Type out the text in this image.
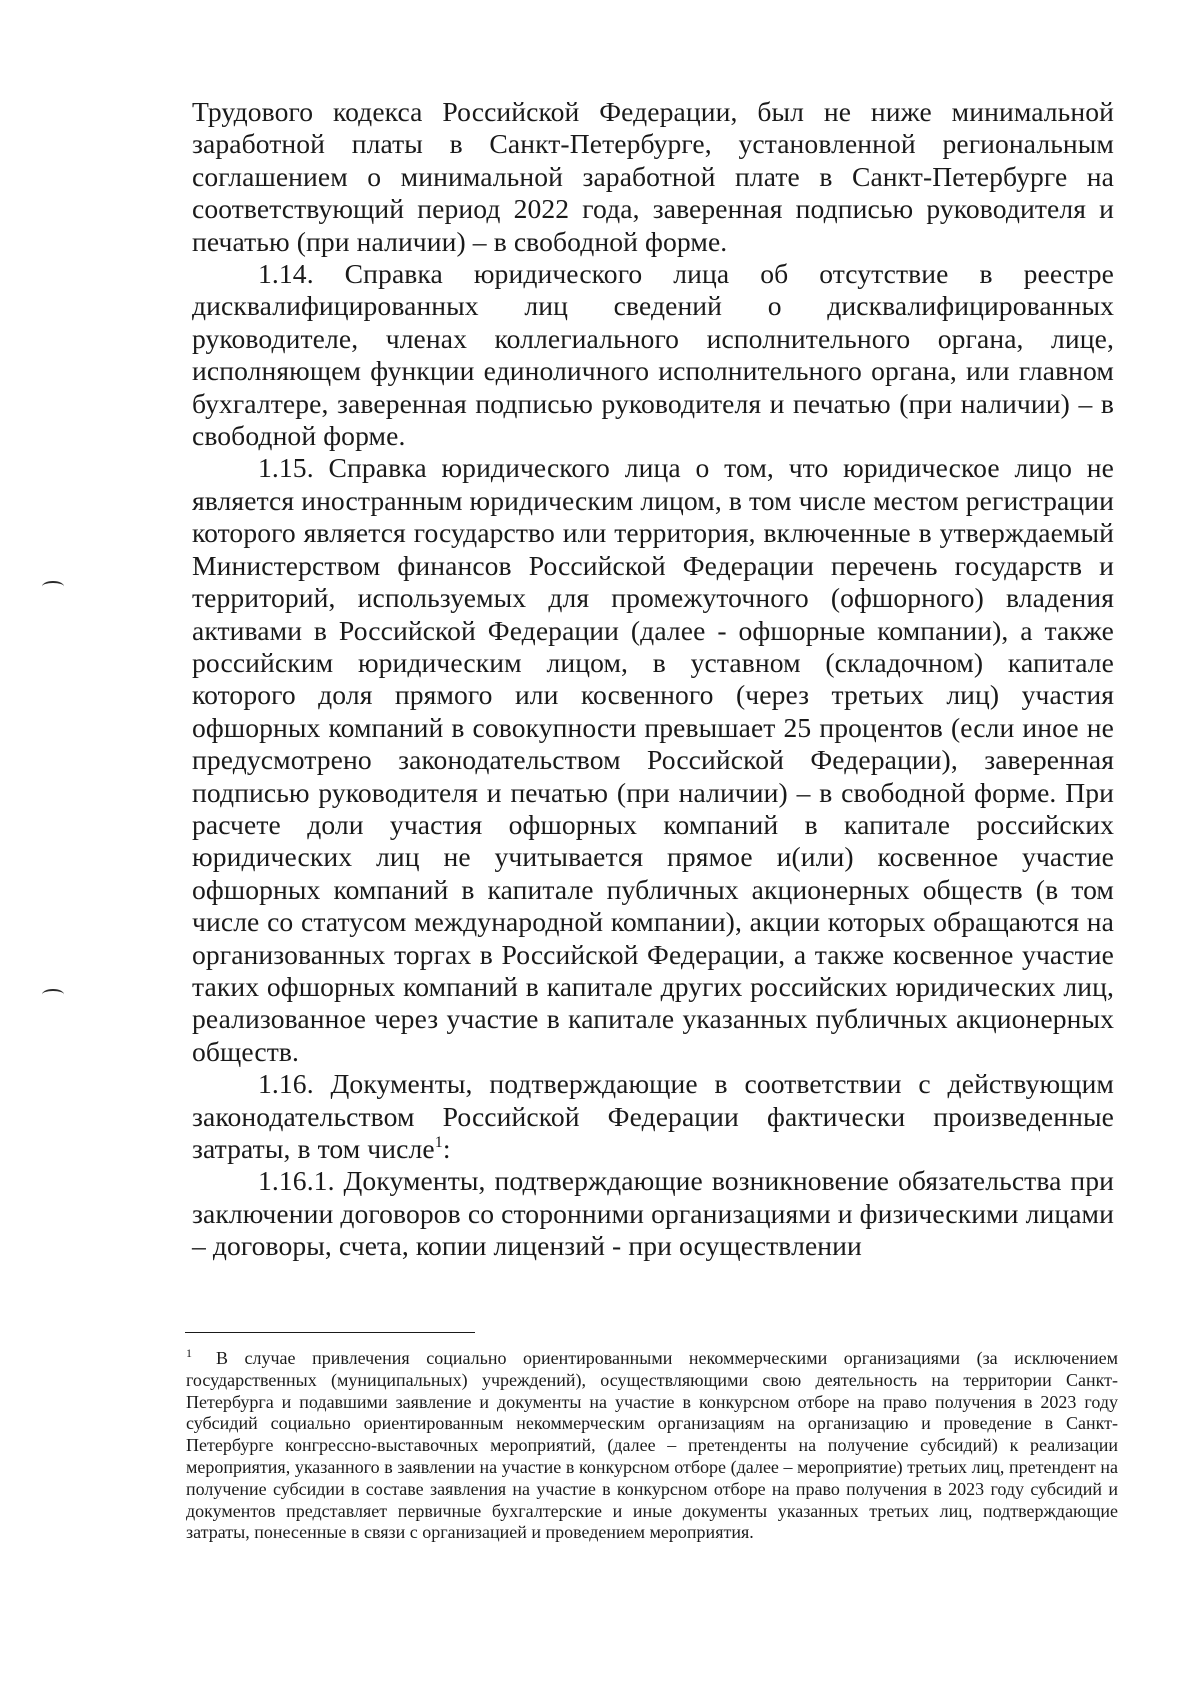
Трудового кодекса Российской Федерации, был не ниже минимальной заработной платы в Санкт-Петербурге, установленной региональным соглашением о минимальной заработной плате в Санкт-Петербурге на соответствующий период 2022 года, заверенная подписью руководителя и печатью (при наличии) – в свободной форме.

1.14. Справка юридического лица об отсутствие в реестре дисквалифицированных лиц сведений о дисквалифицированных руководителе, членах коллегиального исполнительного органа, лице, исполняющем функции единоличного исполнительного органа, или главном бухгалтере, заверенная подписью руководителя и печатью (при наличии) – в свободной форме.

1.15. Справка юридического лица о том, что юридическое лицо не является иностранным юридическим лицом, в том числе местом регистрации которого является государство или территория, включенные в утверждаемый Министерством финансов Российской Федерации перечень государств и территорий, используемых для промежуточного (офшорного) владения активами в Российской Федерации (далее - офшорные компании), а также российским юридическим лицом, в уставном (складочном) капитале которого доля прямого или косвенного (через третьих лиц) участия офшорных компаний в совокупности превышает 25 процентов (если иное не предусмотрено законодательством Российской Федерации), заверенная подписью руководителя и печатью (при наличии) – в свободной форме. При расчете доли участия офшорных компаний в капитале российских юридических лиц не учитывается прямое и(или) косвенное участие офшорных компаний в капитале публичных акционерных обществ (в том числе со статусом международной компании), акции которых обращаются на организованных торгах в Российской Федерации, а также косвенное участие таких офшорных компаний в капитале других российских юридических лиц, реализованное через участие в капитале указанных публичных акционерных обществ.

1.16. Документы, подтверждающие в соответствии с действующим законодательством Российской Федерации фактически произведенные затраты, в том числе$^1$:

1.16.1. Документы, подтверждающие возникновение обязательства при заключении договоров со сторонними организациями и физическими лицами – договоры, счета, копии лицензий - при осуществлении

$^1$ В случае привлечения социально ориентированными некоммерческими организациями (за исключением государственных (муниципальных) учреждений), осуществляющими свою деятельность на территории Санкт-Петербурга и подавшими заявление и документы на участие в конкурсном отборе на право получения в 2023 году субсидий социально ориентированным некоммерческим организациям на организацию и проведение в Санкт-Петербурге конгрессно-выставочных мероприятий, (далее – претенденты на получение субсидий) к реализации мероприятия, указанного в заявлении на участие в конкурсном отборе (далее – мероприятие) третьих лиц, претендент на получение субсидии в составе заявления на участие в конкурсном отборе на право получения в 2023 году субсидий и документов представляет первичные бухгалтерские и иные документы указанных третьих лиц, подтверждающие затраты, понесенные в связи с организацией и проведением мероприятия.
